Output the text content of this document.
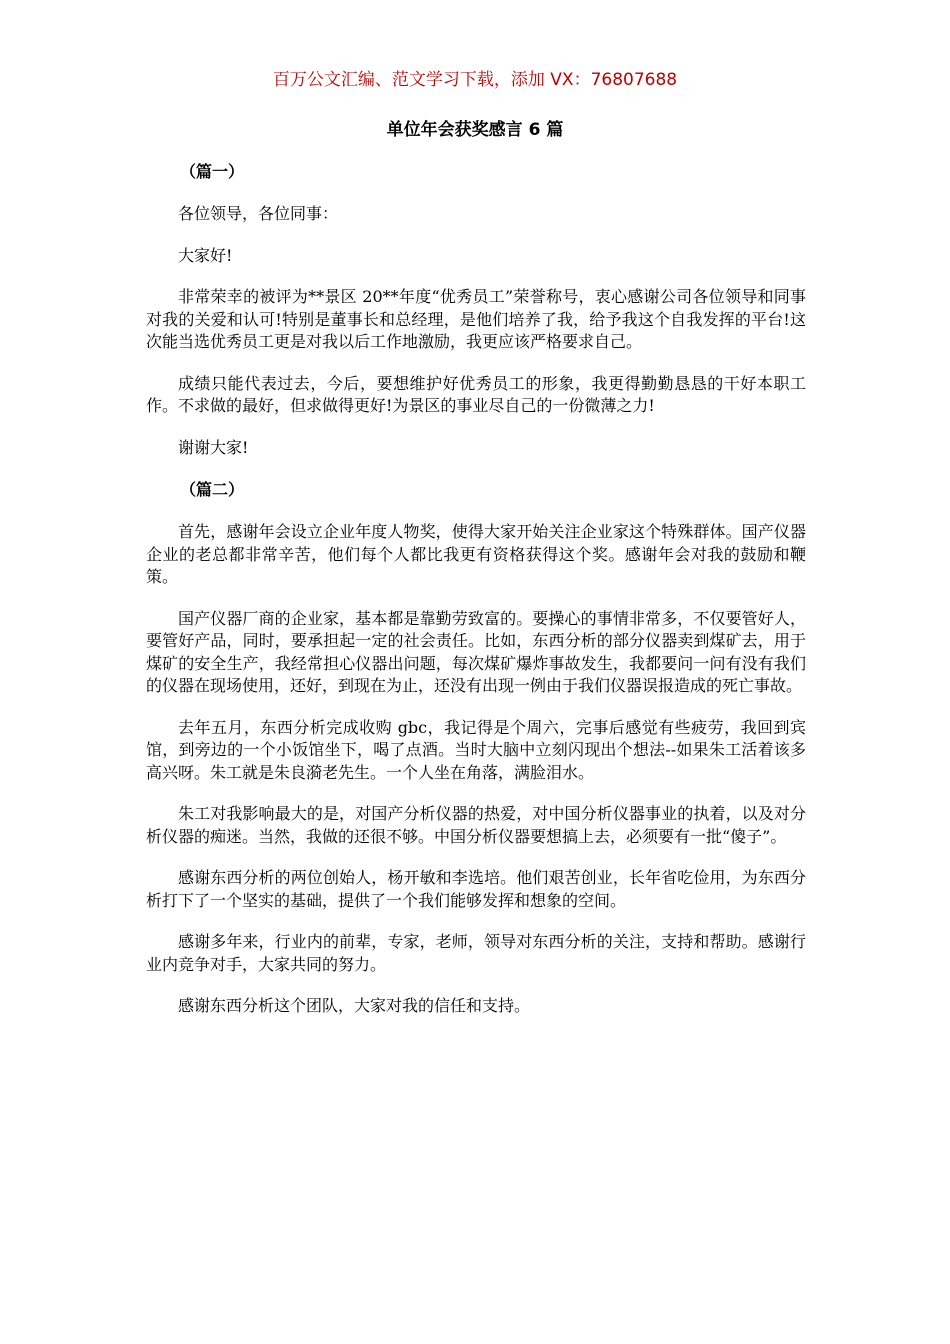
百万公文汇编、范文学习下载，添加 VX：76807688
单位年会获奖感言 6 篇
（篇一）

各位领导，各位同事：

大家好!

非常荣幸的被评为**景区 20**年度“优秀员工”荣誉称号，衷心感谢公司各位领导和同事对我的关爱和认可!特别是董事长和总经理，是他们培养了我，给予我这个自我发挥的平台!这次能当选优秀员工更是对我以后工作地激励，我更应该严格要求自己。

成绩只能代表过去，今后，要想维护好优秀员工的形象，我更得勤勤恳恳的干好本职工作。不求做的最好，但求做得更好!为景区的事业尽自己的一份微薄之力!

谢谢大家!

（篇二）

首先，感谢年会设立企业年度人物奖，使得大家开始关注企业家这个特殊群体。国产仪器企业的老总都非常辛苦，他们每个人都比我更有资格获得这个奖。感谢年会对我的鼓励和鞭策。

国产仪器厂商的企业家，基本都是靠勤劳致富的。要操心的事情非常多，不仅要管好人，要管好产品，同时，要承担起一定的社会责任。比如，东西分析的部分仪器卖到煤矿去，用于煤矿的安全生产，我经常担心仪器出问题，每次煤矿爆炸事故发生，我都要问一问有没有我们的仪器在现场使用，还好，到现在为止，还没有出现一例由于我们仪器误报造成的死亡事故。

去年五月，东西分析完成收购 gbc，我记得是个周六，完事后感觉有些疲劳，我回到宾馆，到旁边的一个小饭馆坐下，喝了点酒。当时大脑中立刻闪现出个想法--如果朱工活着该多高兴呀。朱工就是朱良漪老先生。一个人坐在角落，满脸泪水。

朱工对我影响最大的是，对国产分析仪器的热爱，对中国分析仪器事业的执着，以及对分析仪器的痴迷。当然，我做的还很不够。中国分析仪器要想搞上去，必须要有一批“傻子”。

感谢东西分析的两位创始人，杨开敏和李选培。他们艰苦创业，长年省吃俭用，为东西分析打下了一个坚实的基础，提供了一个我们能够发挥和想象的空间。

感谢多年来，行业内的前辈，专家，老师，领导对东西分析的关注，支持和帮助。感谢行业内竞争对手，大家共同的努力。

感谢东西分析这个团队，大家对我的信任和支持。
